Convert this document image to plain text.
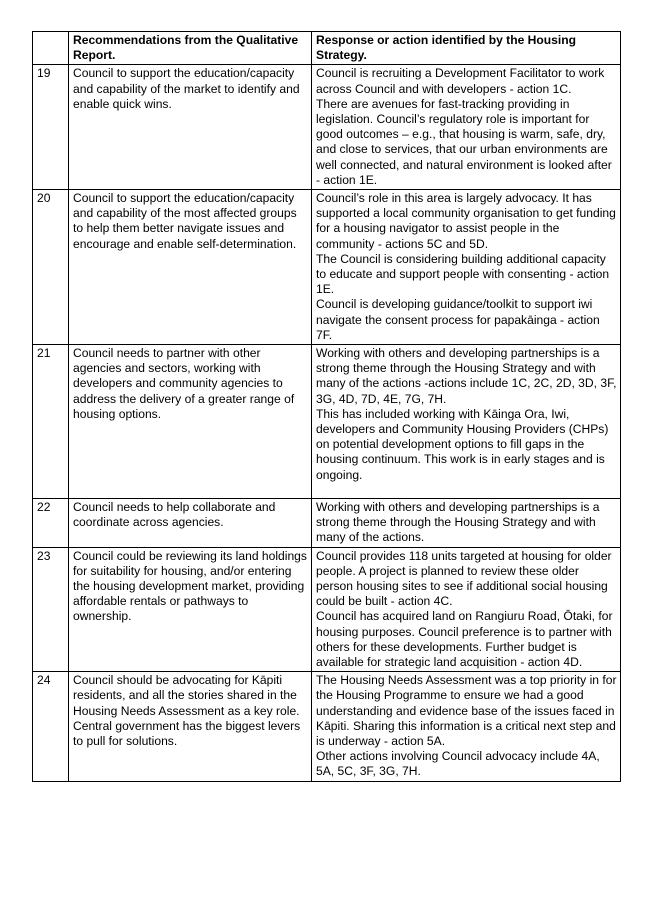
	Recommendations from the Qualitative Report.	Response or action identified by the Housing Strategy.
19	Council to support the education/capacity and capability of the market to identify and enable quick wins.	Council is recruiting a Development Facilitator to work across Council and with developers - action 1C.
There are avenues for fast-tracking providing in legislation. Council’s regulatory role is important for good outcomes – e.g., that housing is warm, safe, dry, and close to services, that our urban environments are well connected, and natural environment is looked after - action 1E.

20	Council to support the education/capacity and capability of the most affected groups to help them better navigate issues and encourage and enable self-determination.	Council’s role in this area is largely advocacy. It has supported a local community organisation to get funding for a housing navigator to assist people in the community - actions 5C and 5D.
The Council is considering building additional capacity to educate and support people with consenting - action 1E.
Council is developing guidance/toolkit to support iwi navigate the consent process for papakāinga - action 7F.

21	Council needs to partner with other agencies and sectors, working with developers and community agencies to address the delivery of a greater range of housing options.	Working with others and developing partnerships is a strong theme through the Housing Strategy and with many of the actions -actions include 1C, 2C, 2D, 3D, 3F, 3G, 4D, 7D, 4E, 7G, 7H.
This has included working with Kāinga Ora, Iwi, developers and Community Housing Providers (CHPs) on potential development options to fill gaps in the housing continuum. This work is in early stages and is ongoing.

22	Council needs to help collaborate and coordinate across agencies.	Working with others and developing partnerships is a strong theme through the Housing Strategy and with many of the actions.

23	Council could be reviewing its land holdings for suitability for housing, and/or entering the housing development market, providing affordable rentals or pathways to ownership.	Council provides 118 units targeted at housing for older people. A project is planned to review these older person housing sites to see if additional social housing could be built - action 4C.
Council has acquired land on Rangiuru Road, Ōtaki, for housing purposes. Council preference is to partner with others for these developments. Further budget is available for strategic land acquisition - action 4D.

24	Council should be advocating for Kāpiti residents, and all the stories shared in the Housing Needs Assessment as a key role. Central government has the biggest levers to pull for solutions.	The Housing Needs Assessment was a top priority in for the Housing Programme to ensure we had a good understanding and evidence base of the issues faced in Kāpiti. Sharing this information is a critical next step and is underway - action 5A.
Other actions involving Council advocacy include 4A, 5A, 5C, 3F, 3G, 7H.
